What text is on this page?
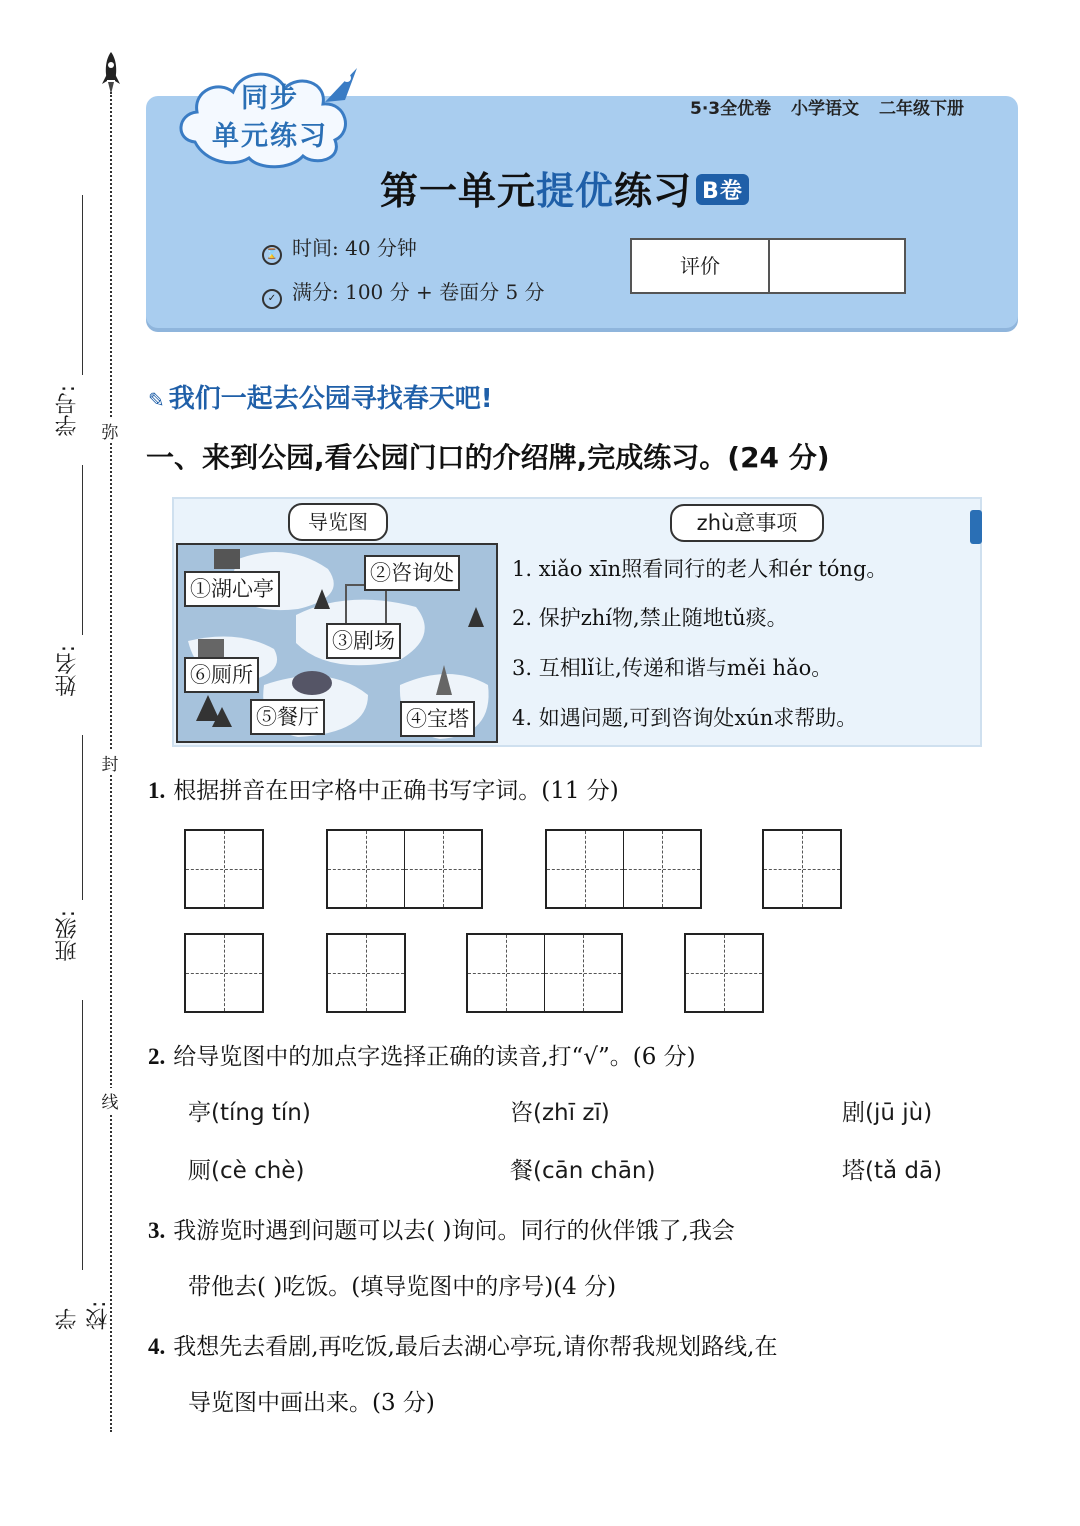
弥
封
线
学号:
姓名:
班级:
学校:
同步
单元练习
5·3全优卷 小学语文 二年级下册
第一单元提优练习 B卷
⌛ 时间: 40 分钟
✓ 满分: 100 分 + 卷面分 5 分
评价
✎ 我们一起去公园寻找春天吧!
一、来到公园,看公园门口的介绍牌,完成练习。(24 分)
导览图
①湖心亭
②咨询处
③剧场
⑥厕所
⑤餐厅	④宝塔
zhù意事项
1. xiǎo xīn照看同行的老人和ér tóng。
2. 保护zhí物,禁止随地tǔ痰。
3. 互相lǐ让,传递和谐与měi hǎo。
4. 如遇问题,可到咨询处xún求帮助。
1. 根据拼音在田字格中正确书写字词。(11 分)
2. 给导览图中的加点字选择正确的读音,打“√”。(6 分)
亭(tíng tín)	咨(zhī zī)	剧(jū jù)
厕(cè chè)	餐(cān chān)	塔(tǎ dā)
3. 我游览时遇到问题可以去( )询问。同行的伙伴饿了,我会
带他去( )吃饭。(填导览图中的序号)(4 分)
4. 我想先去看剧,再吃饭,最后去湖心亭玩,请你帮我规划路线,在
导览图中画出来。(3 分)
